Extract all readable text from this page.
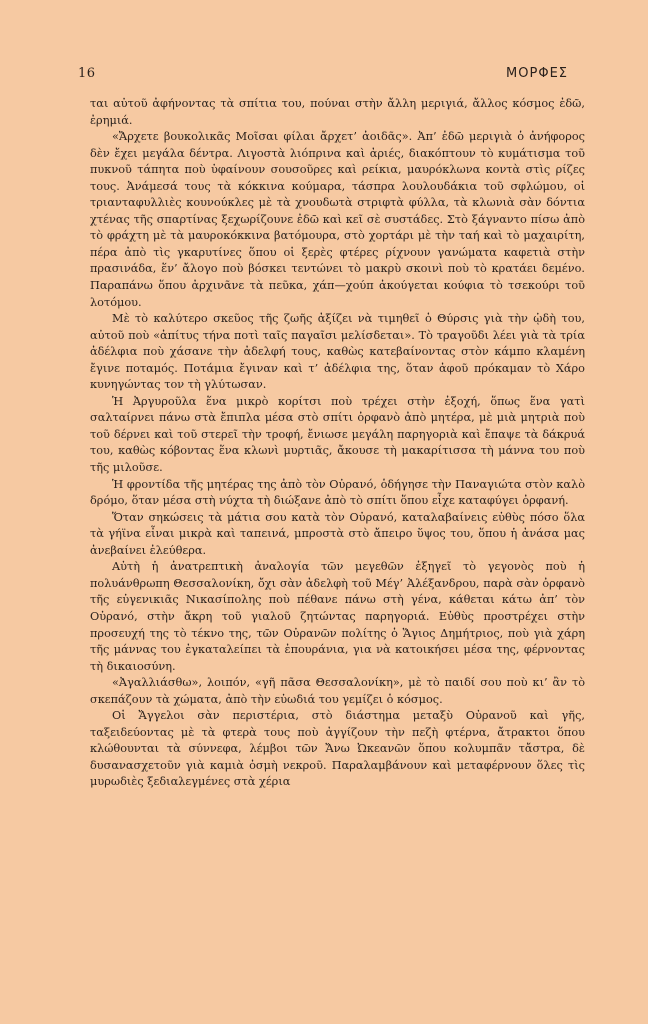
16	ΜΟΡΦΕΣ

ται αὐτοῦ ἀφήνοντας τὰ σπίτια του, πούναι στὴν ἄλλη μεριγιά, ἄλλος κόσμος ἐδῶ, ἐρημιά.

«Ἄρχετε βουκολικᾶς Μοῖσαι φίλαι ἄρχετ’ ἀοιδᾶς». Ἀπ’ ἐδῶ μεριγιὰ ὁ ἀνήφορος δὲν ἔχει μεγάλα δέντρα. Λιγοστὰ λιόπρινα καὶ ἀριές, διακόπτουν τὸ κυμάτισμα τοῦ πυκνοῦ τάπητα ποὺ ὑφαίνουν σουσοῦρες καὶ ρείκια, μαυρόκλωνα κοντὰ στὶς ρίζες τους. Ἀνάμεσά τους τὰ κόκκινα κούμαρα, τάσπρα λουλουδάκια τοῦ σφλώμου, οἱ τριανταφυλλιὲς κουνούκλες μὲ τὰ χνουδωτὰ στριφτὰ φύλλα, τὰ κλωνιὰ σὰν δόντια χτένας τῆς σπαρτίνας ξεχωρίζουνε ἐδῶ καὶ κεῖ σὲ συστάδες. Στὸ ξάγναντο πίσω ἀπὸ τὸ φράχτη μὲ τὰ μαυροκόκκινα βατόμουρα, στὸ χορτάρι μὲ τὴν ταή καὶ τὸ μαχαιρίτη, πέρα ἀπὸ τὶς γκαρυτίνες ὅπου οἱ ξερὲς φτέρες ρίχνουν γανώματα καφετιὰ στὴν πρασινάδα, ἕν’ ἄλογο ποὺ βόσκει τεντώνει τὸ μακρὺ σκοινὶ ποὺ τὸ κρατάει δεμένο. Παραπάνω ὅπου ἀρχινᾶνε τὰ πεῦκα, χάπ—χούπ ἀκούγεται κούφια τὸ τσεκούρι τοῦ λοτόμου.

Μὲ τὸ καλύτερο σκεῦος τῆς ζωῆς ἀξίζει νὰ τιμηθεῖ ὁ Θύρσις γιὰ τὴν ᾠδὴ του, αὐτοῦ ποὺ «ἀπίτυς τήνα ποτὶ ταῖς παγαῖσι μελίσδεται». Τὸ τραγοῦδι λέει γιὰ τὰ τρία ἀδέλφια ποὺ χάσανε τὴν ἀδελφή τους, καθὼς κατεβαίνοντας στὸν κάμπο κλαμένη ἔγινε ποταμός. Ποτάμια ἔγιναν καὶ τ’ ἀδέλφια της, ὅταν ἀφοῦ πρόκαμαν τὸ Χάρο κυνηγώντας τον τὴ γλύτωσαν.

Ἡ Ἀργυροῦλα ἕνα μικρὸ κορίτσι ποὺ τρέχει στὴν ἐξοχή, ὅπως ἕνα γατὶ σαλταίρνει πάνω στὰ ἔπιπλα μέσα στὸ σπίτι ὀρφανὸ ἀπὸ μητέρα, μὲ μιὰ μητριὰ ποὺ τοῦ δέρνει καὶ τοῦ στερεῖ τὴν τροφή, ἔνιωσε μεγάλη παρηγοριὰ καὶ ἔπαψε τὰ δάκρυά του, καθὼς κόβοντας ἕνα κλωνὶ μυρτιᾶς, ἄκουσε τὴ μακαρίτισσα τὴ μάννα του ποὺ τῆς μιλοῦσε.

Ἡ φροντίδα τῆς μητέρας της ἀπὸ τὸν Οὐρανό, ὁδήγησε τὴν Παναγιώτα στὸν καλὸ δρόμο, ὅταν μέσα στὴ νύχτα τὴ διώξανε ἀπὸ τὸ σπίτι ὅπου εἶχε καταφύγει ὀρφανή.

Ὅταν σηκώσεις τὰ μάτια σου κατὰ τὸν Οὐρανό, καταλαβαίνεις εὐθὺς πόσο ὅλα τὰ γήϊνα εἶναι μικρὰ καὶ ταπεινά, μπροστὰ στὸ ἄπειρο ὕψος του, ὅπου ἡ ἀνάσα μας ἀνεβαίνει ἐλεύθερα.

Αὐτὴ ἡ ἀνατρεπτικὴ ἀναλογία τῶν μεγεθῶν ἐξηγεῖ τὸ γεγονὸς ποὺ ἡ πολυάνθρωπη Θεσσαλονίκη, ὄχι σὰν ἀδελφὴ τοῦ Μέγ’ Ἀλέξανδρου, παρὰ σὰν ὀρφανὸ τῆς εὐγενικιᾶς Νικασίπολης ποὺ πέθανε πάνω στὴ γένα, κάθεται κάτω ἀπ’ τὸν Οὐρανό, στὴν ἄκρη τοῦ γιαλοῦ ζητώντας παρηγοριά. Εὐθὺς προστρέχει στὴν προσευχή της τὸ τέκνο της, τῶν Οὐρανῶν πολίτης ὁ Ἅγιος Δημήτριος, ποὺ γιὰ χάρη τῆς μάννας του ἐγκαταλείπει τὰ ἐπουράνια, για νὰ κατοικήσει μέσα της, φέρνοντας τὴ δικαιοσύνη.

«Ἀγαλλιάσθω», λοιπόν, «γῆ πᾶσα Θεσσαλονίκη», μὲ τὸ παιδί σου ποὺ κι’ ἂν τὸ σκεπάζουν τὰ χώματα, ἀπὸ τὴν εὐωδιά του γεμίζει ὁ κόσμος.

Οἱ Ἄγγελοι σὰν περιστέρια, στὸ διάστημα μεταξὺ Οὐρανοῦ καὶ γῆς, ταξειδεύοντας μὲ τὰ φτερὰ τους ποὺ ἀγγίζουν τὴν πεζὴ φτέρνα, ἄτρακτοι ὅπου κλώθουνται τὰ σύννεφα, λέμβοι τῶν Ἄνω Ὠκεανῶν ὅπου κολυμπᾶν τἄστρα, δὲ δυσανασχετοῦν γιὰ καμιὰ ὀσμὴ νεκροῦ. Παραλαμβάνουν καὶ μεταφέρνουν ὅλες τὶς μυρωδιὲς ξεδιαλεγμένες στὰ χέρια
